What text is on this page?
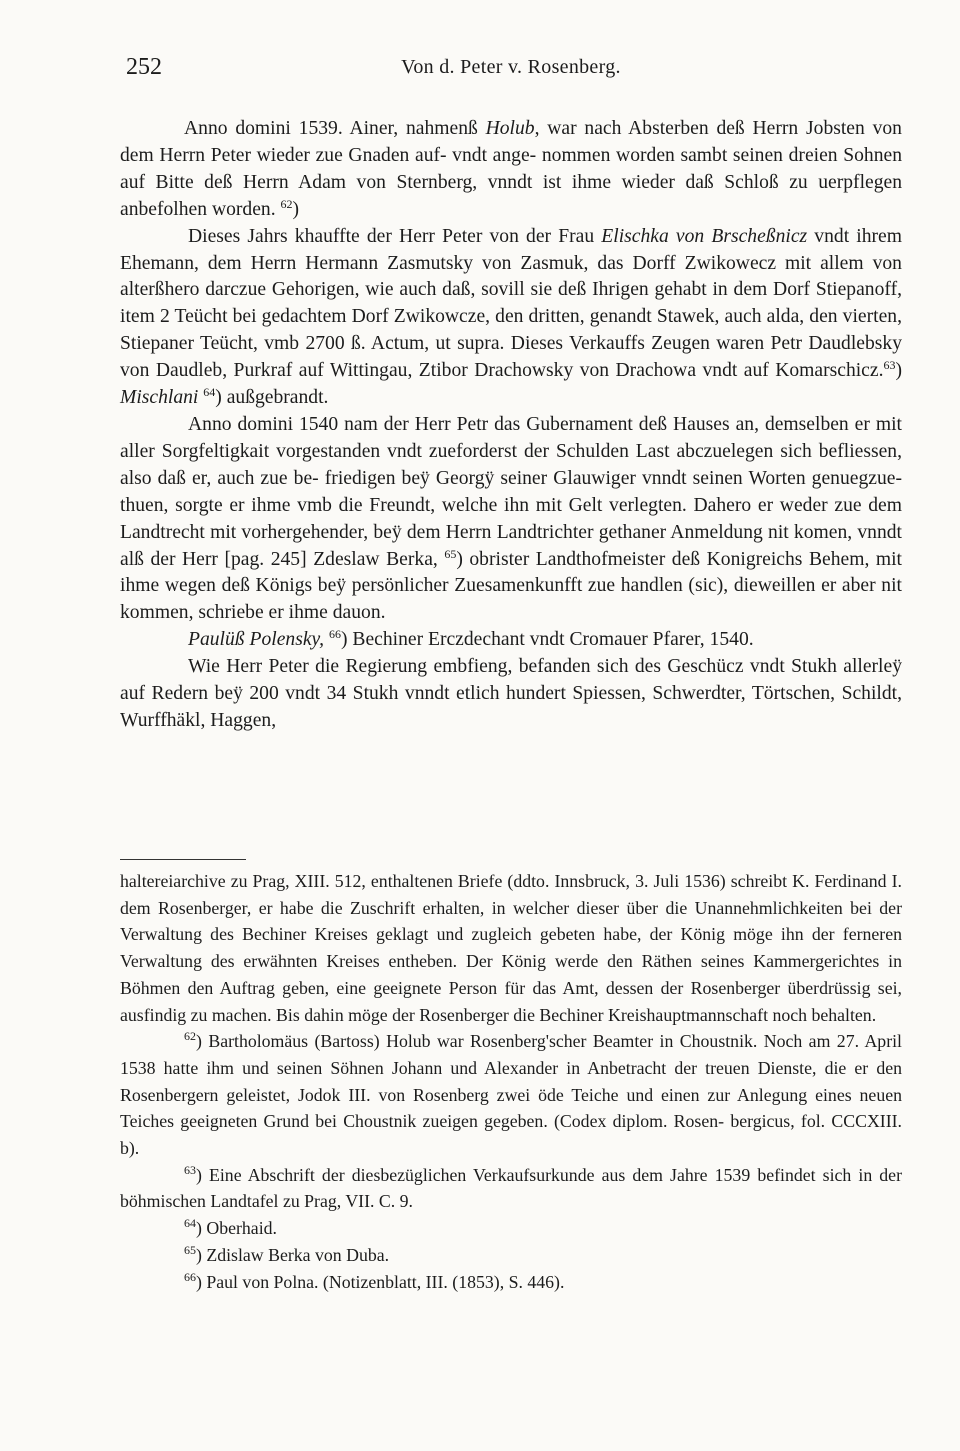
252	Von d. Peter v. Rosenberg.

Anno domini 1539. Ainer, nahmenß Holub, war nach Absterben deß Herrn Jobsten von dem Herrn Peter wieder zue Gnaden auf- vndt ange- nommen worden sambt seinen dreien Sohnen auf Bitte deß Herrn Adam von Sternberg, vnndt ist ihme wieder daß Schloß zu uerpflegen anbefolhen worden. $^{62}$)

Dieses Jahrs khauffte der Herr Peter von der Frau Elischka von Brscheßnicz vndt ihrem Ehemann, dem Herrn Hermann Zasmutsky von Zasmuk, das Dorff Zwikowecz mit allem von alterßhero darczue Gehorigen, wie auch daß, sovill sie deß Ihrigen gehabt in dem Dorf Stiepanoff, item 2 Teücht bei gedachtem Dorf Zwikowcze, den dritten, genandt Stawek, auch alda, den vierten, Stiepaner Teücht, vmb 2700 ß. Actum, ut supra. Dieses Verkauffs Zeugen waren Petr Daudlebsky von Daudleb, Purkraf auf Wittingau, Ztibor Drachowsky von Drachowa vndt auf Komarschicz.$^{63}$) Mischlani $^{64}$) außgebrandt.

Anno domini 1540 nam der Herr Petr das Gubernament deß Hauses an, demselben er mit aller Sorgfeltigkait vorgestanden vndt zueforderst der Schulden Last abczuelegen sich befliessen, also daß er, auch zue be- friedigen beÿ Georgÿ seiner Glauwiger vnndt seinen Worten genuegzue- thuen, sorgte er ihme vmb die Freundt, welche ihn mit Gelt verlegten. Dahero er weder zue dem Landtrecht mit vorhergehender, beÿ dem Herrn Landtrichter gethaner Anmeldung nit komen, vnndt alß der Herr [pag. 245] Zdeslaw Berka, $^{65}$) obrister Landthofmeister deß Konigreichs Behem, mit ihme wegen deß Königs beÿ persönlicher Zuesamenkunfft zue handlen (sic), dieweillen er aber nit kommen, schriebe er ihme dauon.

Paulüß Polensky, $^{66}$) Bechiner Erczdechant vndt Cromauer Pfarer, 1540.

Wie Herr Peter die Regierung embfieng, befanden sich des Geschücz vndt Stukh allerleÿ auf Redern beÿ 200 vndt 34 Stukh vnndt etlich hundert Spiessen, Schwerdter, Törtschen, Schildt, Wurffhäkl, Haggen,

haltereiarchive zu Prag, XIII. 512, enthaltenen Briefe (ddto. Innsbruck, 3. Juli 1536) schreibt K. Ferdinand I. dem Rosenberger, er habe die Zuschrift erhalten, in welcher dieser über die Unannehmlichkeiten bei der Verwaltung des Bechiner Kreises geklagt und zugleich gebeten habe, der König möge ihn der ferneren Verwaltung des erwähnten Kreises entheben. Der König werde den Räthen seines Kammergerichtes in Böhmen den Auftrag geben, eine geeignete Person für das Amt, dessen der Rosenberger überdrüssig sei, ausfindig zu machen. Bis dahin möge der Rosenberger die Bechiner Kreishauptmannschaft noch behalten.

$^{62}$) Bartholomäus (Bartoss) Holub war Rosenberg'scher Beamter in Choustnik. Noch am 27. April 1538 hatte ihm und seinen Söhnen Johann und Alexander in Anbetracht der treuen Dienste, die er den Rosenbergern geleistet, Jodok III. von Rosenberg zwei öde Teiche und einen zur Anlegung eines neuen Teiches geeigneten Grund bei Choustnik zueigen gegeben. (Codex diplom. Rosen- bergicus, fol. CCCXIII. b).

$^{63}$) Eine Abschrift der diesbezüglichen Verkaufsurkunde aus dem Jahre 1539 befindet sich in der böhmischen Landtafel zu Prag, VII. C. 9.

$^{64}$) Oberhaid.

$^{65}$) Zdislaw Berka von Duba.

$^{66}$) Paul von Polna. (Notizenblatt, III. (1853), S. 446).
